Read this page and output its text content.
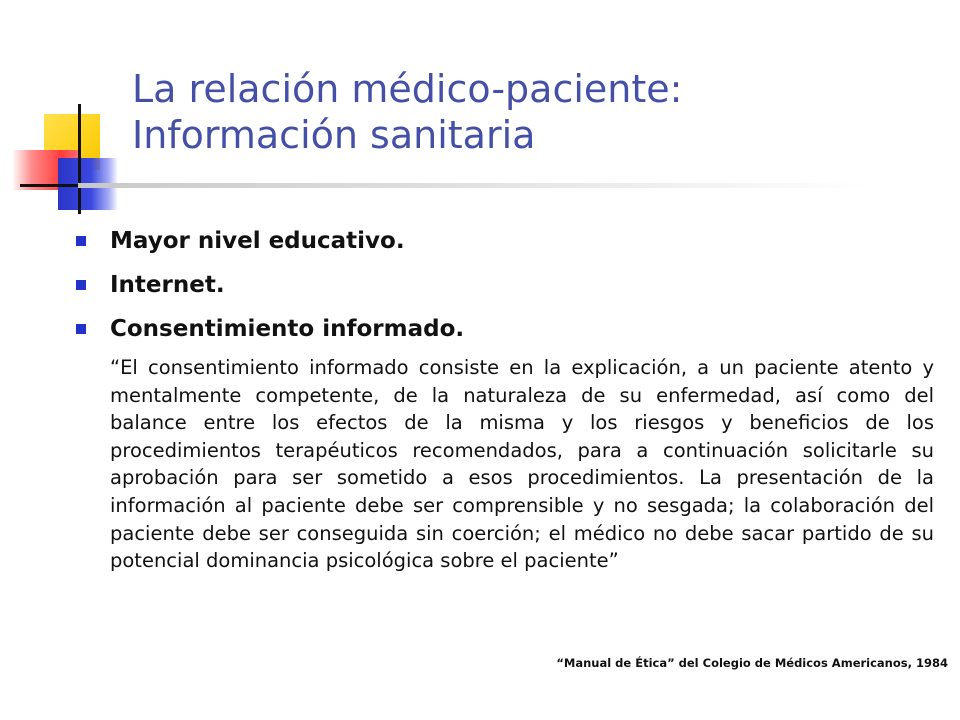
La relación médico-paciente:
Información sanitaria
Mayor nivel educativo.
Internet.
Consentimiento informado.

“El consentimiento informado consiste en la explicación, a un paciente atento y mentalmente competente, de la naturaleza de su enfermedad, así como del balance entre los efectos de la misma y los riesgos y beneficios de los procedimientos terapéuticos recomendados, para a continuación solicitarle su aprobación para ser sometido a esos procedimientos. La presentación de la información al paciente debe ser comprensible y no sesgada; la colaboración del paciente debe ser conseguida sin coerción; el médico no debe sacar partido de su potencial dominancia psicológica sobre el paciente”

“Manual de Ética” del Colegio de Médicos Americanos, 1984
